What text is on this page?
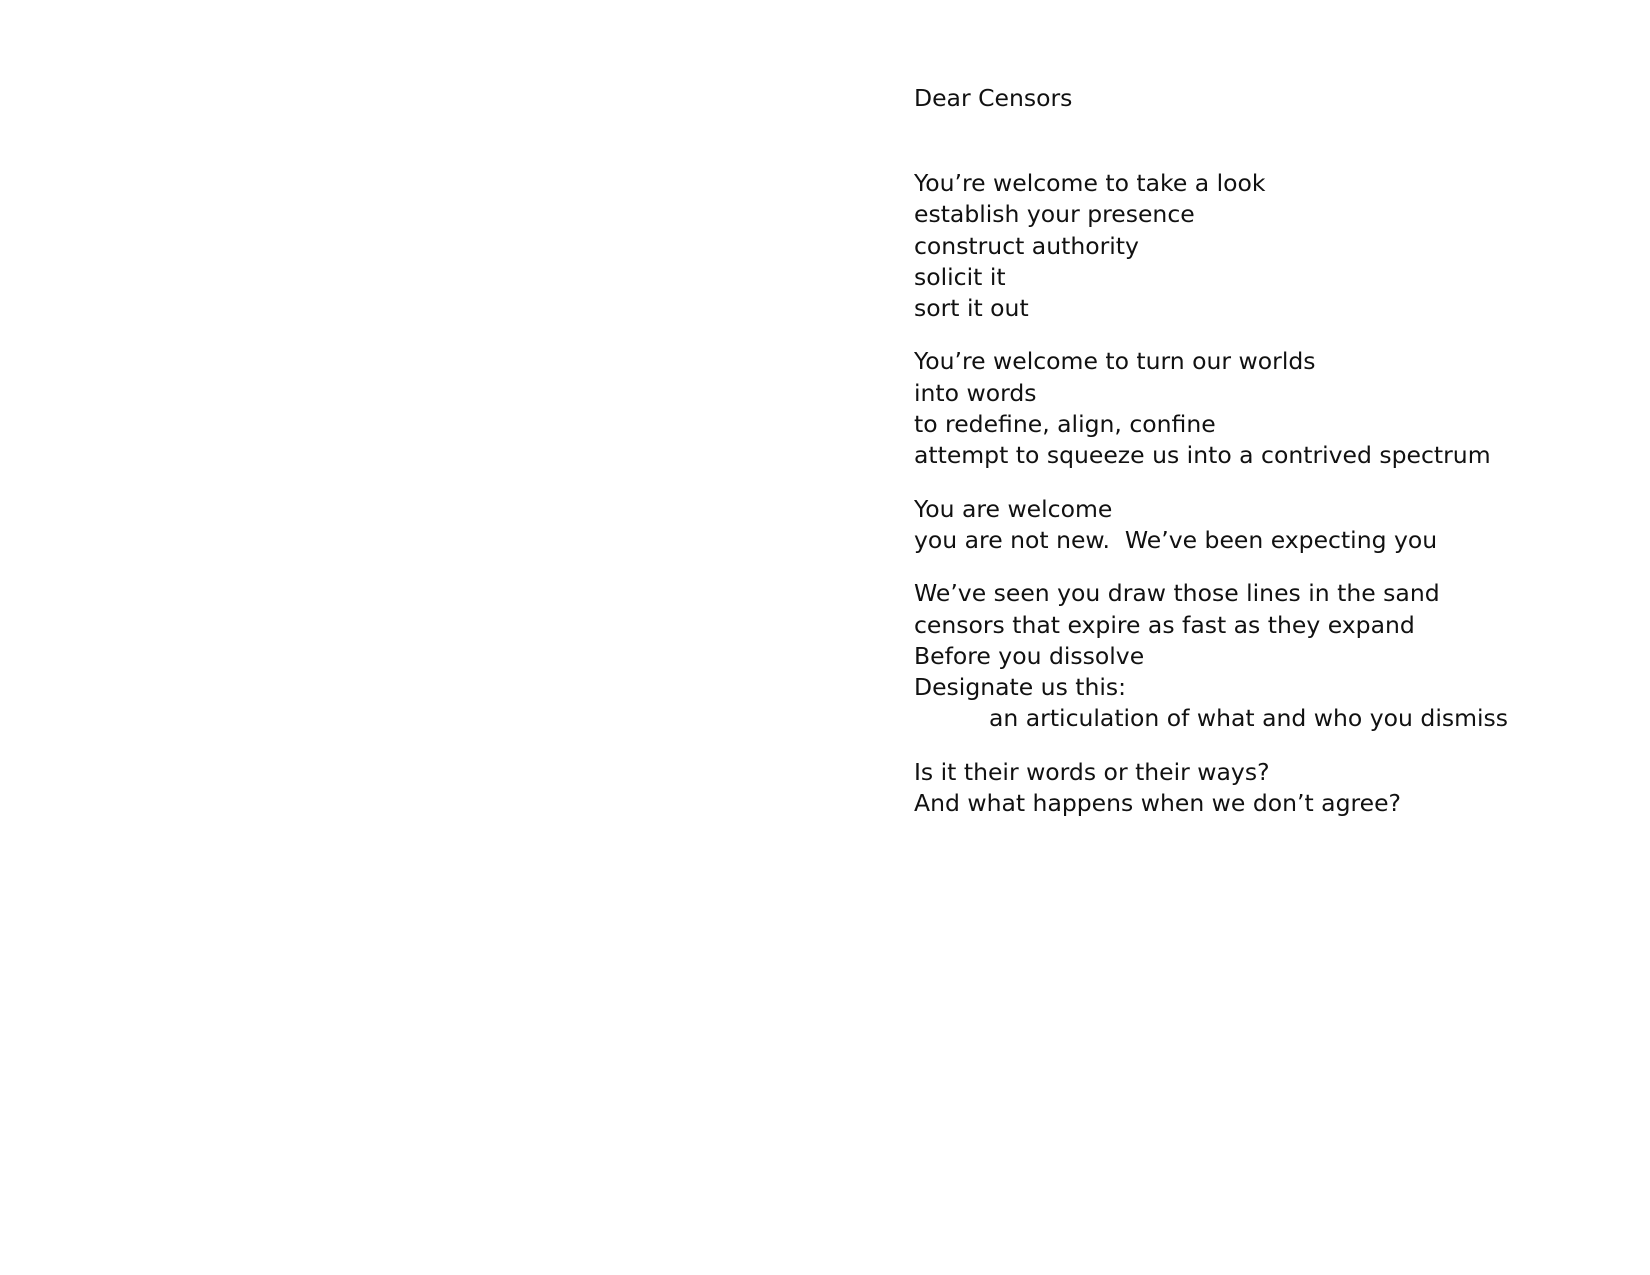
Dear Censors
You’re welcome to take a look
establish your presence
construct authority
solicit it
sort it out
You’re welcome to turn our worlds
into words
to redefine, align, confine
attempt to squeeze us into a contrived spectrum
You are welcome
you are not new.  We’ve been expecting you
We’ve seen you draw those lines in the sand
censors that expire as fast as they expand
Before you dissolve
Designate us this:
an articulation of what and who you dismiss
Is it their words or their ways?
And what happens when we don’t agree?
